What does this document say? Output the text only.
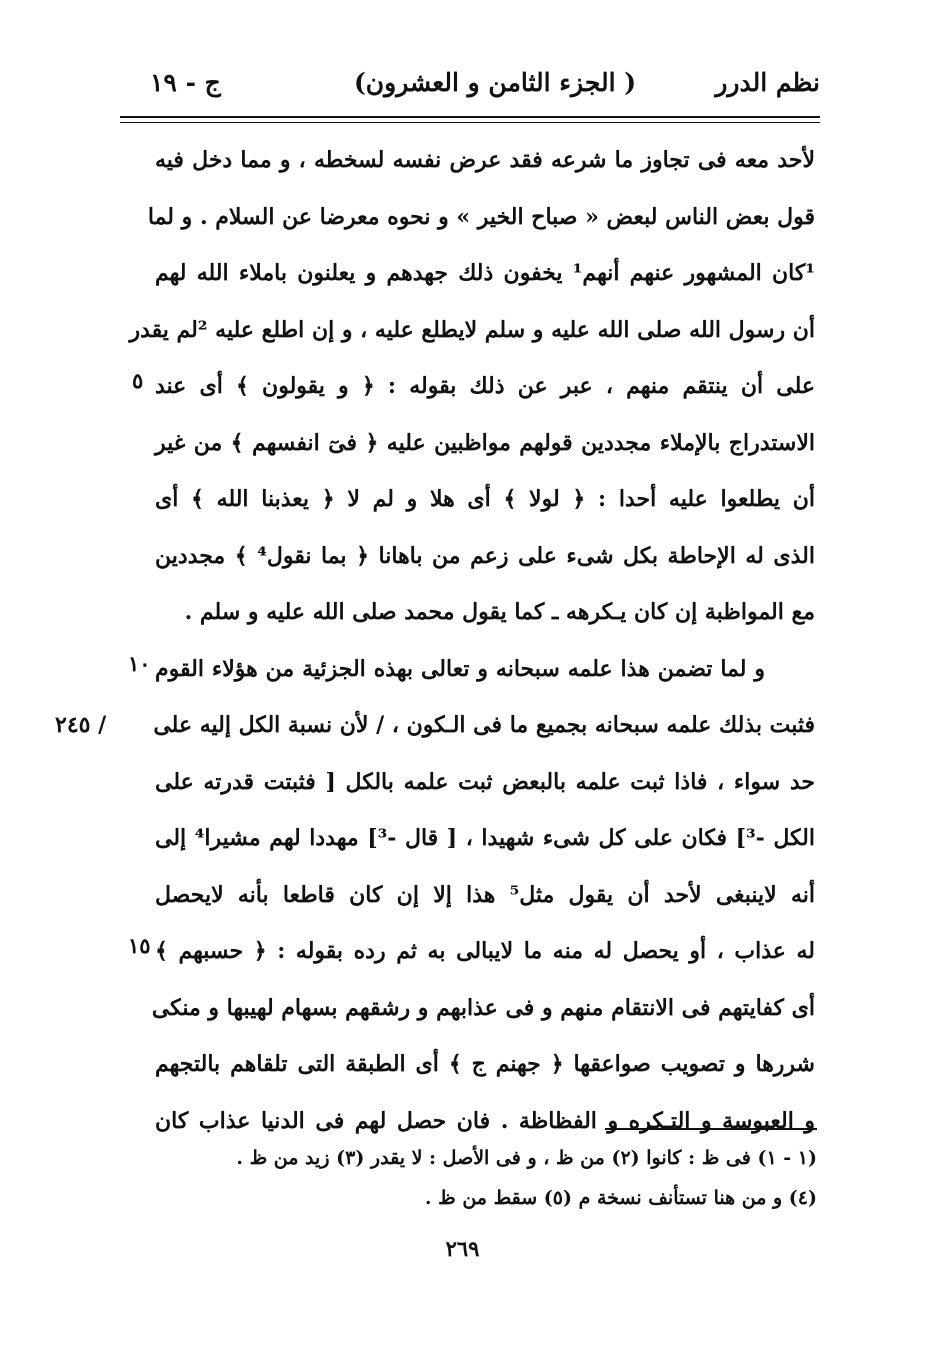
نظم الدرر
( الجزء الثامن و العشرون)
ج - ١٩
لأحد معه فى تجاوز ما شرعه فقد عرض نفسه لسخطه ، و مما دخل فيه
قول بعض الناس لبعض « صباح الخير » و نحوه معرضا عن السلام . و لما
¹كان المشهور عنهم أنهم¹ يخفون ذلك جهدهم و يعلنون باملاء الله لهم
أن رسول الله صلى الله عليه و سلم لايطلع عليه ، و إن اطلع عليه ²لم يقدر
على أن ينتقم منهم ، عبر عن ذلك بقوله : ﴿ و يقولون ﴾ أى عند
الاستدراج بالإملاء مجددين قولهم مواظبين عليه ﴿ فىٓ انفسهم ﴾ من غير
أن يطلعوا عليه أحدا : ﴿ لولا ﴾ أى هلا و لم لا ﴿ يعذبنا الله ﴾ أى
الذى له الإحاطة بكل شىء على زعم من باهانا ﴿ بما نقول⁴ ﴾ مجددين
مع المواظبة إن كان يـكرهه ـ كما يقول محمد صلى الله عليه و سلم .
و لما تضمن هذا علمه سبحانه و تعالى بهذه الجزئية من هؤلاء القوم
فثبت بذلك علمه سبحانه بجميع ما فى الـكون ، / لأن نسبة الكل إليه على
حد سواء ، فاذا ثبت علمه بالبعض ثبت علمه بالكل [ فثبتت قدرته على
الكل -³] فكان على كل شىء شهيدا ، [ قال -³] مهددا لهم مشيرا⁴ إلى
أنه لاينبغى لأحد أن يقول مثل⁵ هذا إلا إن كان قاطعا بأنه لايحصل
له عذاب ، أو يحصل له منه ما لايبالى به ثم رده بقوله : ﴿ حسبهم ﴾
أى كفايتهم فى الانتقام منهم و فى عذابهم و رشقهم بسهام لهيبها و منكى
شررها و تصويب صواعقها ﴿ جهنم ج ﴾ أى الطبقة التى تلقاهم بالتجهم
و العبوسة و التـكره و الفظاظة . فان حصل لهم فى الدنيا عذاب كان
٥
١٠
١٥
/ ٢٤٥
(١ - ١) فى ظ : كانوا (٢) من ظ ، و فى الأصل : لا يقدر (٣) زيد من ظ .
(٤) و من هنا تستأنف نسخة م (٥) سقط من ظ .
٢٦٩
